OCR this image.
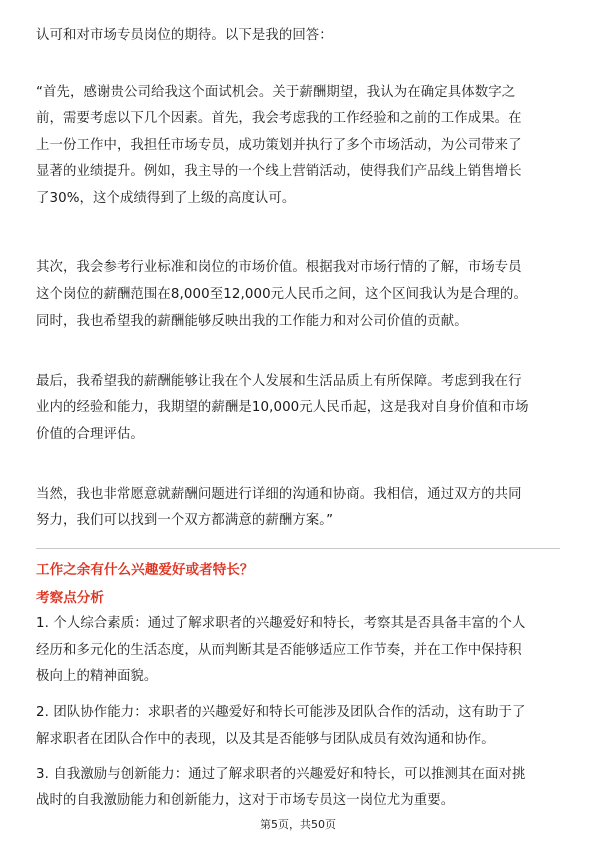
认可和对市场专员岗位的期待。以下是我的回答：
“首先，感谢贵公司给我这个面试机会。关于薪酬期望，我认为在确定具体数字之
前，需要考虑以下几个因素。首先，我会考虑我的工作经验和之前的工作成果。在
上一份工作中，我担任市场专员，成功策划并执行了多个市场活动，为公司带来了
显著的业绩提升。例如，我主导的一个线上营销活动，使得我们产品线上销售增长
了30%，这个成绩得到了上级的高度认可。
其次，我会参考行业标准和岗位的市场价值。根据我对市场行情的了解，市场专员
这个岗位的薪酬范围在8,000至12,000元人民币之间，这个区间我认为是合理的。
同时，我也希望我的薪酬能够反映出我的工作能力和对公司价值的贡献。
最后，我希望我的薪酬能够让我在个人发展和生活品质上有所保障。考虑到我在行
业内的经验和能力，我期望的薪酬是10,000元人民币起，这是我对自身价值和市场
价值的合理评估。
当然，我也非常愿意就薪酬问题进行详细的沟通和协商。我相信，通过双方的共同
努力，我们可以找到一个双方都满意的薪酬方案。”
工作之余有什么兴趣爱好或者特长？
考察点分析
1. 个人综合素质：通过了解求职者的兴趣爱好和特长，考察其是否具备丰富的个人
经历和多元化的生活态度，从而判断其是否能够适应工作节奏，并在工作中保持积
极向上的精神面貌。
2. 团队协作能力：求职者的兴趣爱好和特长可能涉及团队合作的活动，这有助于了
解求职者在团队合作中的表现，以及其是否能够与团队成员有效沟通和协作。
3. 自我激励与创新能力：通过了解求职者的兴趣爱好和特长，可以推测其在面对挑
战时的自我激励能力和创新能力，这对于市场专员这一岗位尤为重要。
第5页，共50页
